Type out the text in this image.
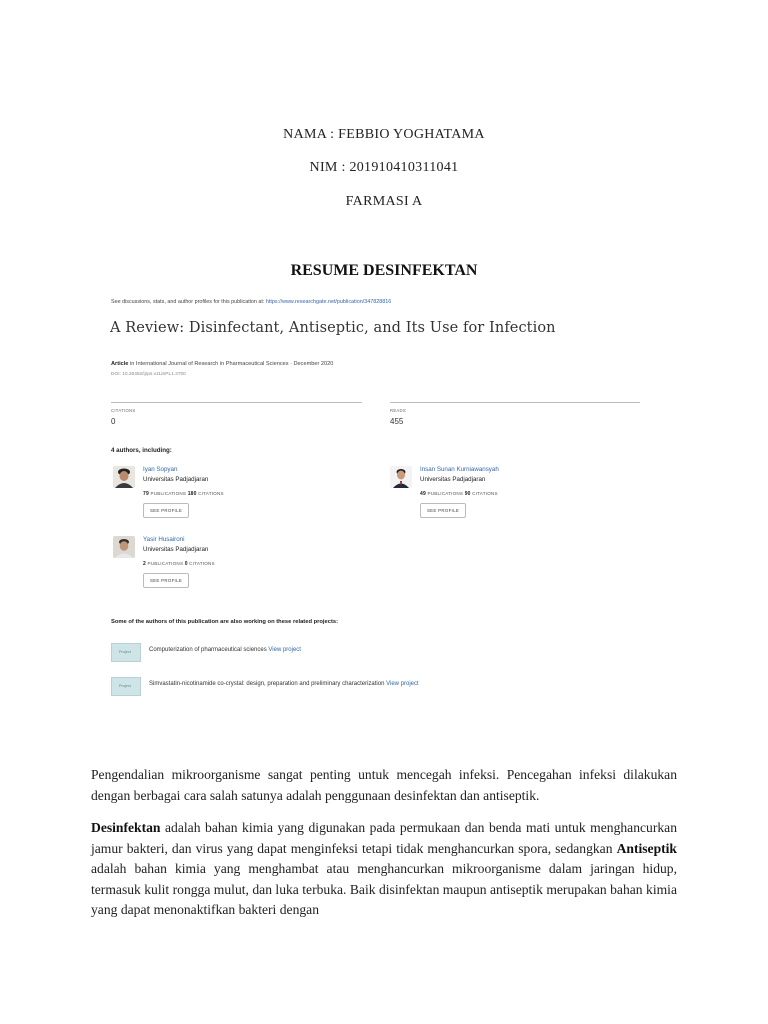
NAMA : FEBBIO YOGHATAMA
NIM : 201910410311041
FARMASI A
RESUME DESINFEKTAN
See discussions, stats, and author profiles for this publication at: https://www.researchgate.net/publication/347828816
A Review: Disinfectant, Antiseptic, and Its Use for Infection
Article in International Journal of Research in Pharmaceutical Sciences · December 2020
DOI: 10.26452/ijrps.v11iSPL1.3700
CITATIONS
0
READS
455
4 authors, including:
Iyan Sopyan
Universitas Padjadjaran
79 PUBLICATIONS 180 CITATIONS
SEE PROFILE
Insan Sunan Kurniawansyah
Universitas Padjadjaran
49 PUBLICATIONS 90 CITATIONS
SEE PROFILE
Yasir Husaironi
Universitas Padjadjaran
2 PUBLICATIONS 0 CITATIONS
SEE PROFILE
Some of the authors of this publication are also working on these related projects:
Project	Computerization of pharmaceutical sciences View project
Project	Simvastatin-nicotinamide co-crystal: design, preparation and preliminary characterization View project

Pengendalian mikroorganisme sangat penting untuk mencegah infeksi. Pencegahan infeksi dilakukan dengan berbagai cara salah satunya adalah penggunaan desinfektan dan antiseptik.

Desinfektan adalah bahan kimia yang digunakan pada permukaan dan benda mati untuk menghancurkan jamur bakteri, dan virus yang dapat menginfeksi tetapi tidak menghancurkan spora, sedangkan Antiseptik adalah bahan kimia yang menghambat atau menghancurkan mikroorganisme dalam jaringan hidup, termasuk kulit rongga mulut, dan luka terbuka. Baik disinfektan maupun antiseptik merupakan bahan kimia yang dapat menonaktifkan bakteri dengan
